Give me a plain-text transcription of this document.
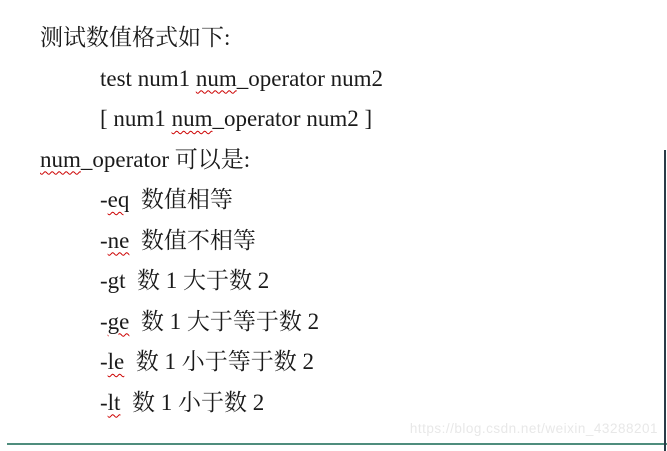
测试数值格式如下:
test num1 num_operator num2
[ num1 num_operator num2 ]
num_operator 可以是:
-eq  数值相等
-ne  数值不相等
-gt  数 1 大于数 2
-ge  数 1 大于等于数 2
-le  数 1 小于等于数 2
-lt  数 1 小于数 2
https://blog.csdn.net/weixin_43288201
